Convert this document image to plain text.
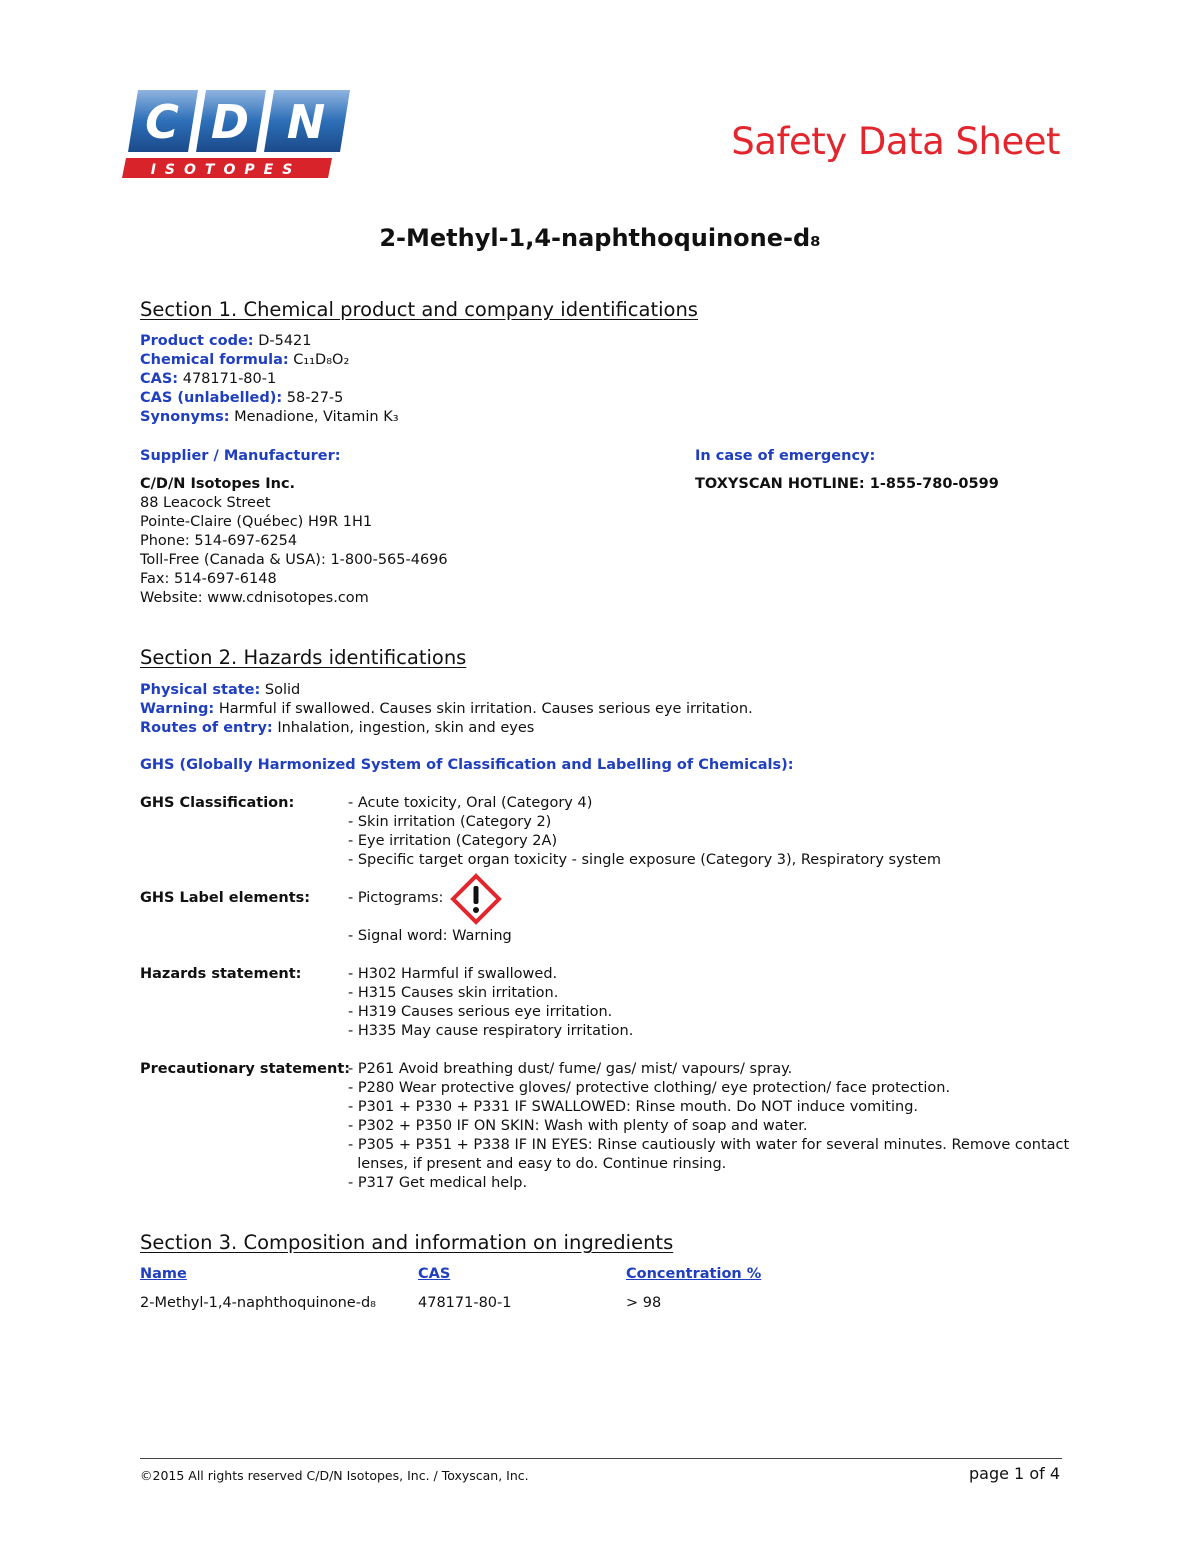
C D N
ISOTOPES
Safety Data Sheet
2-Methyl-1,4-naphthoquinone-d₈
Section 1. Chemical product and company identifications
Product code: D-5421
Chemical formula: C₁₁D₈O₂
CAS: 478171-80-1
CAS (unlabelled): 58-27-5
Synonyms: Menadione, Vitamin K₃
Supplier / Manufacturer:	In case of emergency:
C/D/N Isotopes Inc.	TOXYSCAN HOTLINE: 1-855-780-0599
88 Leacock Street
Pointe-Claire (Québec) H9R 1H1
Phone: 514-697-6254
Toll-Free (Canada & USA): 1-800-565-4696
Fax: 514-697-6148
Website: www.cdnisotopes.com
Section 2. Hazards identifications
Physical state: Solid
Warning: Harmful if swallowed. Causes skin irritation. Causes serious eye irritation.
Routes of entry: Inhalation, ingestion, skin and eyes
GHS (Globally Harmonized System of Classification and Labelling of Chemicals):
GHS Classification:	- Acute toxicity, Oral (Category 4)
- Skin irritation (Category 2)
- Eye irritation (Category 2A)
- Specific target organ toxicity - single exposure (Category 3), Respiratory system
GHS Label elements:	- Pictograms:
- Signal word: Warning
Hazards statement:	- H302 Harmful if swallowed.
- H315 Causes skin irritation.
- H319 Causes serious eye irritation.
- H335 May cause respiratory irritation.
Precautionary statement:
- P261 Avoid breathing dust/ fume/ gas/ mist/ vapours/ spray.
- P280 Wear protective gloves/ protective clothing/ eye protection/ face protection.
- P301 + P330 + P331 IF SWALLOWED: Rinse mouth. Do NOT induce vomiting.
- P302 + P350 IF ON SKIN: Wash with plenty of soap and water.
- P305 + P351 + P338 IF IN EYES: Rinse cautiously with water for several minutes. Remove contact
lenses, if present and easy to do. Continue rinsing.
- P317 Get medical help.
Section 3. Composition and information on ingredients
Name	CAS	Concentration %
2-Methyl-1,4-naphthoquinone-d₈	478171-80-1	> 98
©2015 All rights reserved C/D/N Isotopes, Inc. / Toxyscan, Inc.	page 1 of 4
